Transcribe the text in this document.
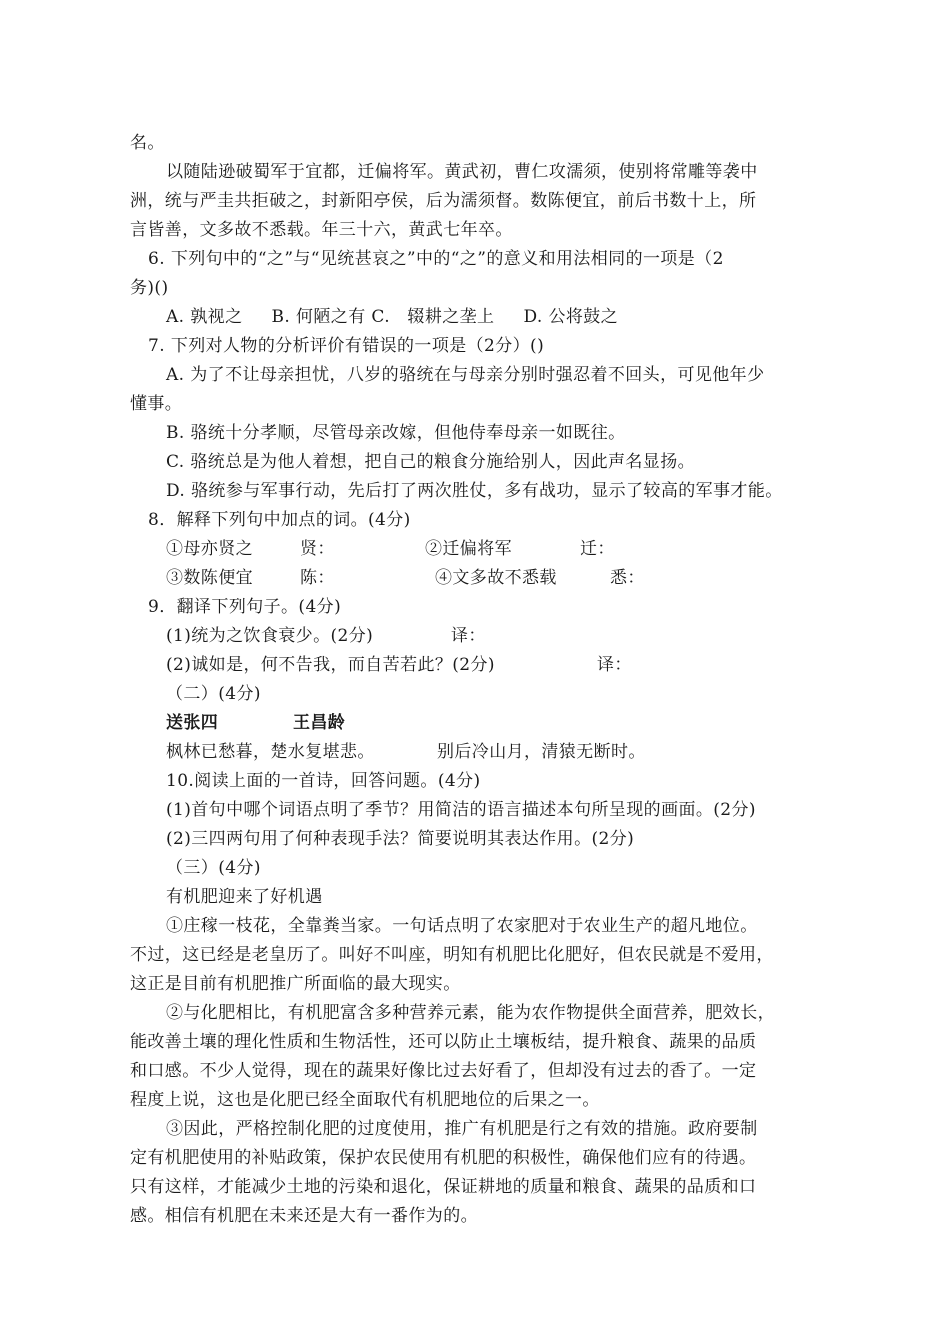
名。

以随陆逊破蜀军于宜都，迁偏将军。黄武初，曹仁攻濡须，使别将常雕等袭中

洲，统与严圭共拒破之，封新阳亭侯，后为濡须督。数陈便宜，前后书数十上，所

言皆善，文多故不悉载。年三十六，黄武七年卒。

6. 下列句中的“之”与“见统甚哀之”中的“之”的意义和用法相同的一项是（2

务)()

A. 孰视之     B. 何陋之有 C.   辍耕之垄上     D. 公将鼓之

7. 下列对人物的分析评价有错误的一项是（2分）()

A. 为了不让母亲担忧，八岁的骆统在与母亲分别时强忍着不回头，可见他年少

懂事。

B. 骆统十分孝顺，尽管母亲改嫁，但他侍奉母亲一如既往。

C. 骆统总是为他人着想，把自己的粮食分施给别人，因此声名显扬。

D. 骆统参与军事行动，先后打了两次胜仗，多有战功，显示了较高的军事才能。

8．解释下列句中加点的词。(4分)

①母亦贤之	贤：	②迁偏将军	迁：

③数陈便宜	陈：	④文多故不悉载	悉：

9．翻译下列句子。(4分)

(1)统为之饮食衰少。(2分)	译：

(2)诚如是，何不告我，而自苦若此？(2分)	译：

（二）(4分)

送张四	王昌龄

枫林已愁暮，楚水复堪悲。	别后冷山月，清猿无断时。

10.阅读上面的一首诗，回答问题。(4分)

(1)首句中哪个词语点明了季节？用简洁的语言描述本句所呈现的画面。(2分)

(2)三四两句用了何种表现手法？简要说明其表达作用。(2分)

（三）(4分)

有机肥迎来了好机遇

①庄稼一枝花，全靠粪当家。一句话点明了农家肥对于农业生产的超凡地位。

不过，这已经是老皇历了。叫好不叫座，明知有机肥比化肥好，但农民就是不爱用，

这正是目前有机肥推广所面临的最大现实。

②与化肥相比，有机肥富含多种营养元素，能为农作物提供全面营养，肥效长，

能改善土壤的理化性质和生物活性，还可以防止土壤板结，提升粮食、蔬果的品质

和口感。不少人觉得，现在的蔬果好像比过去好看了，但却没有过去的香了。一定

程度上说，这也是化肥已经全面取代有机肥地位的后果之一。

③因此，严格控制化肥的过度使用，推广有机肥是行之有效的措施。政府要制

定有机肥使用的补贴政策，保护农民使用有机肥的积极性，确保他们应有的待遇。

只有这样，才能减少土地的污染和退化，保证耕地的质量和粮食、蔬果的品质和口

感。相信有机肥在未来还是大有一番作为的。
